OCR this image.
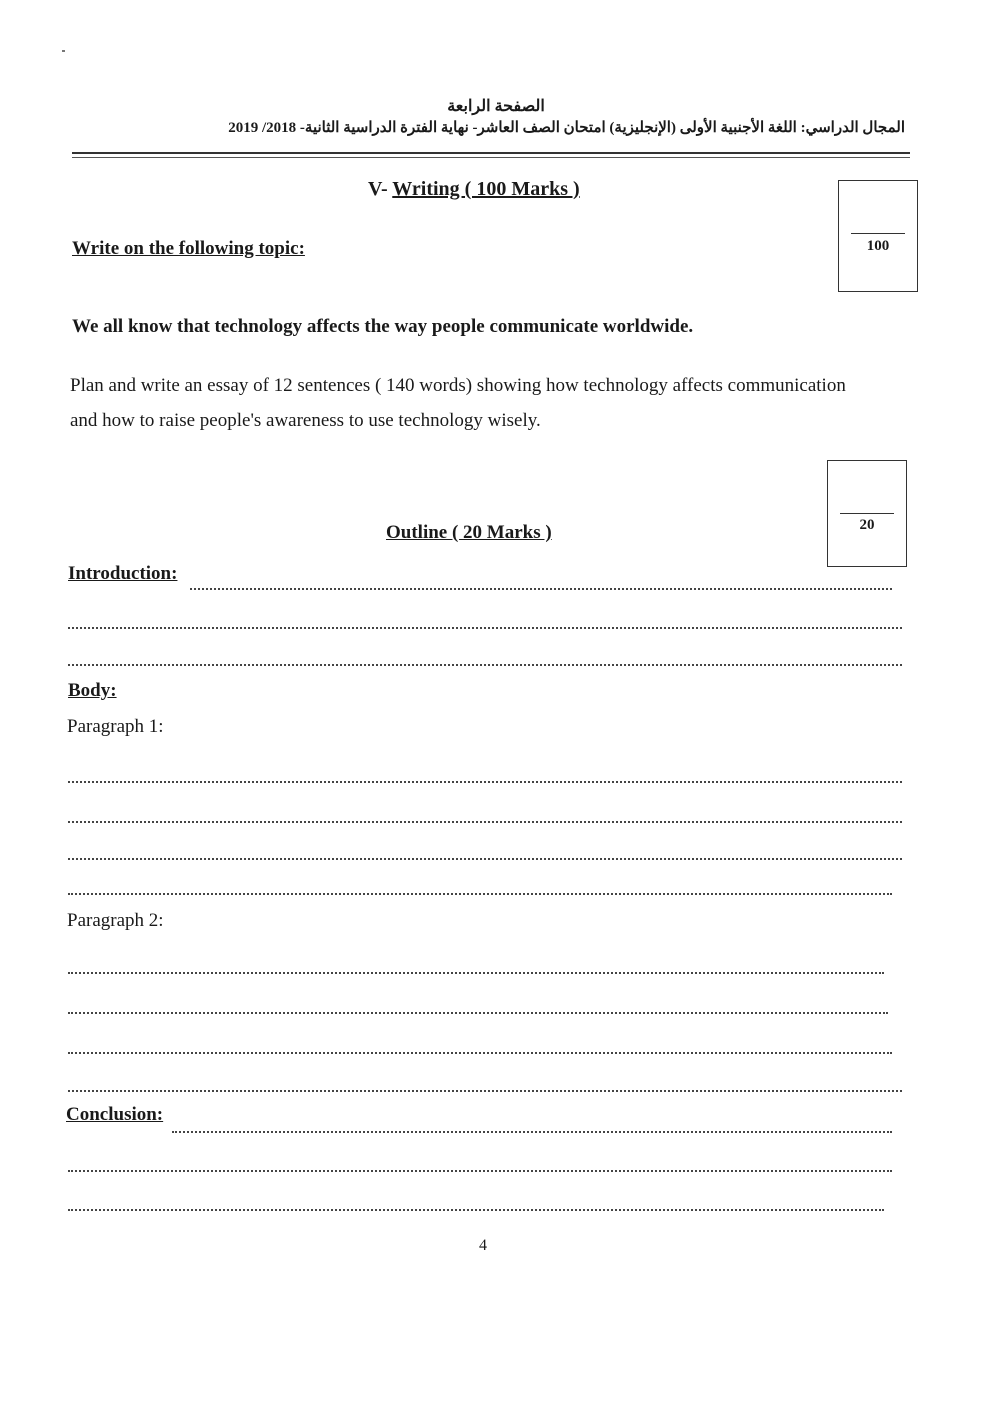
الصفحة الرابعة
المجال الدراسي: اللغة الأجنبية الأولى (الإنجليزية) امتحان الصف العاشر- نهاية الفترة الدراسية الثانية- 2018/ 2019
V- Writing ( 100 Marks )
100
Write on the following topic:
We all know that technology affects the way people communicate worldwide.
Plan and write an essay of 12 sentences ( 140 words) showing how technology affects communication and how to raise people's awareness to use technology wisely.
20
Outline ( 20 Marks )
Introduction:
Body:
Paragraph 1:
Paragraph 2:
Conclusion:
4
